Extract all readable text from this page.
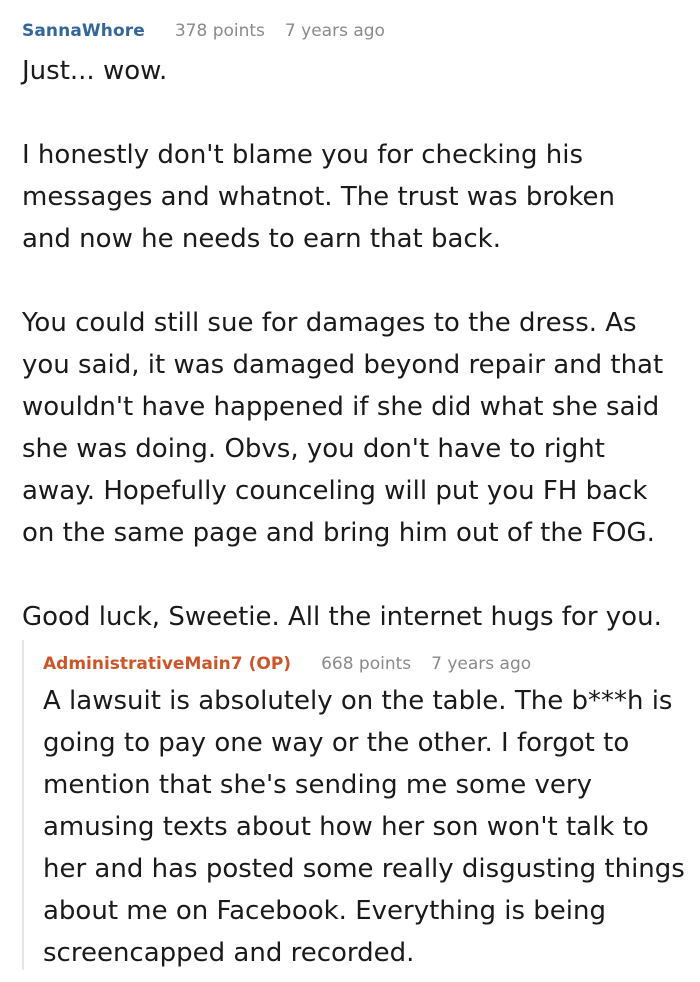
SannaWhore 378 points 7 years ago

Just... wow.

I honestly don't blame you for checking his
messages and whatnot. The trust was broken
and now he needs to earn that back.

You could still sue for damages to the dress. As
you said, it was damaged beyond repair and that
wouldn't have happened if she did what she said
she was doing. Obvs, you don't have to right
away. Hopefully counceling will put you FH back
on the same page and bring him out of the FOG.

Good luck, Sweetie. All the internet hugs for you.

AdministrativeMain7 (OP) 668 points 7 years ago
A lawsuit is absolutely on the table. The b***h is
going to pay one way or the other. I forgot to
mention that she's sending me some very
amusing texts about how her son won't talk to
her and has posted some really disgusting things
about me on Facebook. Everything is being
screencapped and recorded.
